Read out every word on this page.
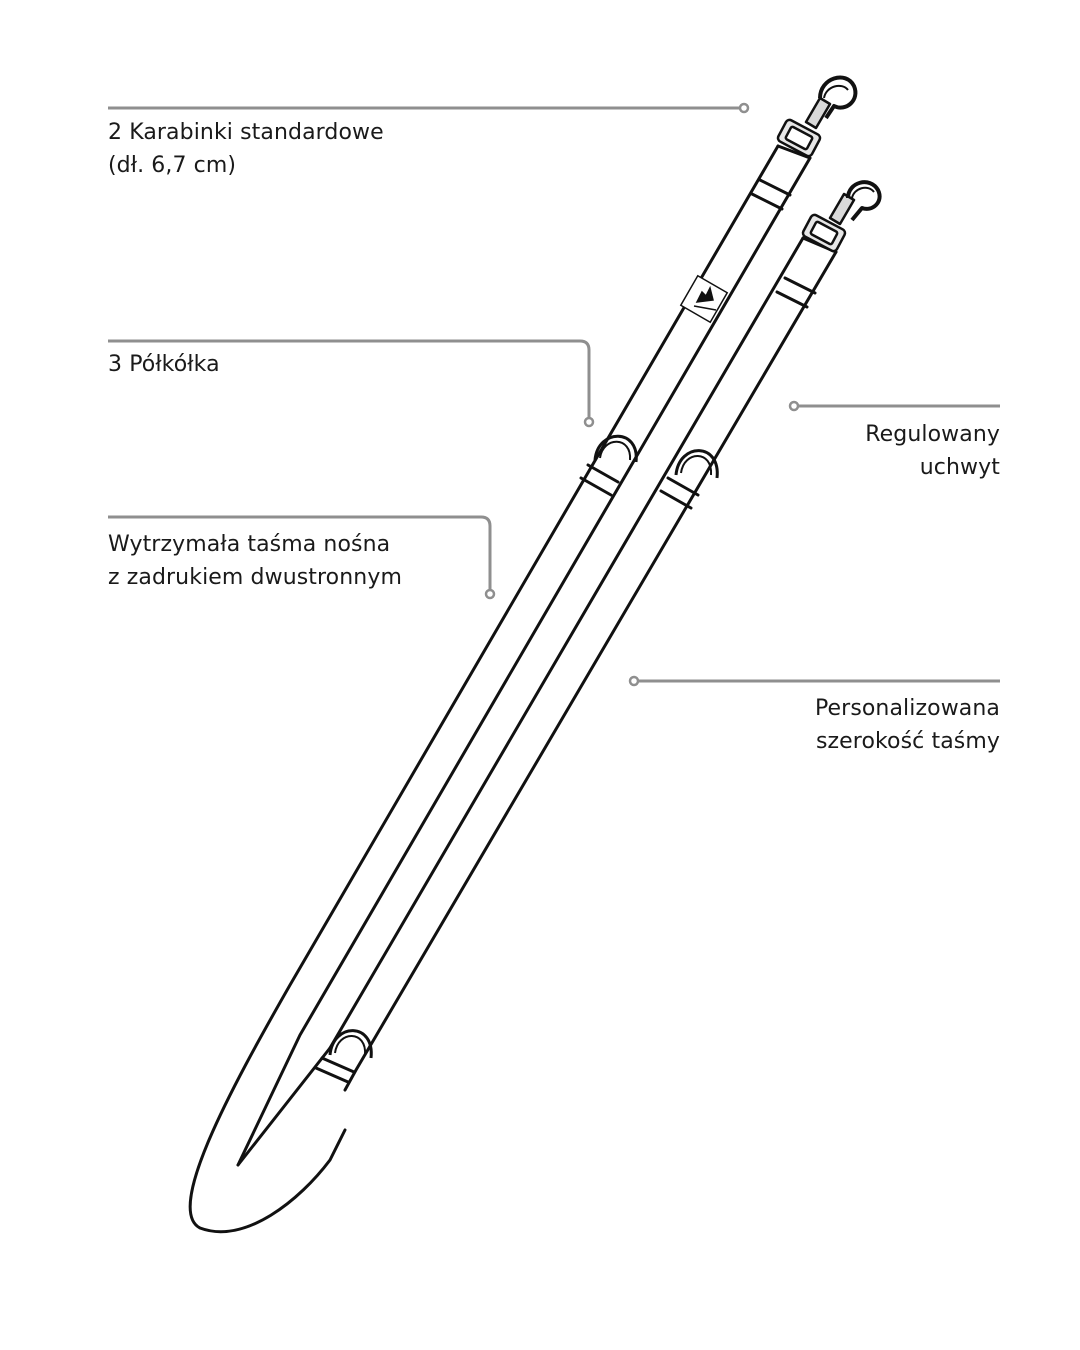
2 Karabinki standardowe
(dł. 6,7 cm)
3 Półkółka
Wytrzymała taśma nośna
z zadrukiem dwustronnym
Regulowany
uchwyt
Personalizowana
szerokość taśmy
